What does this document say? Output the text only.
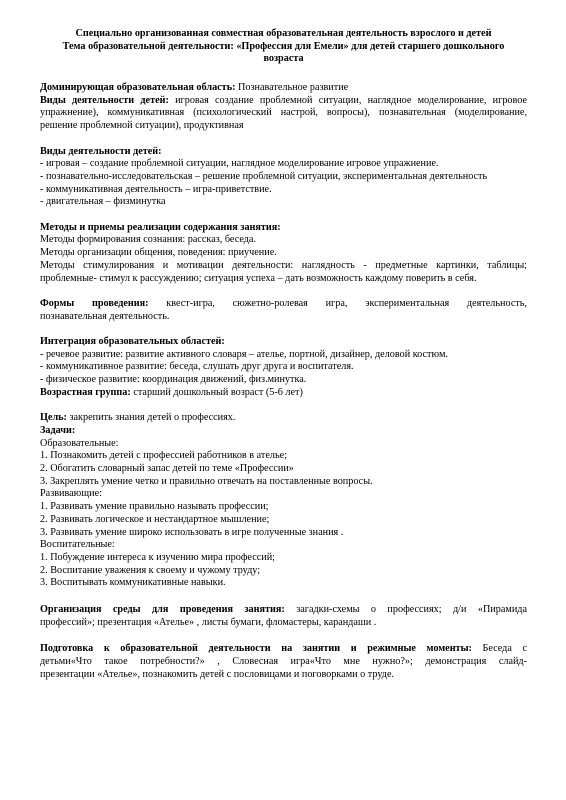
Специально организованная совместная образовательная деятельность взрослого и детей
Тема образовательной деятельности: «Профессия для Емели» для детей старшего дошкольного
возраста
Доминирующая образовательная область: Познавательное развитие
Виды деятельности детей: игровая создание проблемной ситуации, наглядное моделирование, игровое
упражнение), коммуникативная (психологический настрой, вопросы), познавательная (моделирование,
решение проблемной ситуации), продуктивная
Виды деятельности детей:
- игровая – создание проблемной ситуации, наглядное моделирование игровое упражнение.
- познавательно-исследовательская – решение проблемной ситуации, экспериментальная деятельность
- коммуникативная деятельность – игра-приветствие.
- двигательная – физминутка
Методы и приемы реализации содержания занятия:
Методы формирования сознания: рассказ, беседа.
Методы организации общения, поведения: приучение.
Методы стимулирования и мотивации деятельности: наглядность - предметные картинки, таблицы;
проблемные- стимул к рассуждению; ситуация успеха – дать возможность каждому поверить в себя.
Формы проведения: квест-игра, сюжетно-ролевая игра, экспериментальная деятельность,
познавательная деятельность.
Интеграция образовательных областей:
- речевое развитие: развитие активного словаря – ателье, портной, дизайнер, деловой костюм.
- коммуникативное развитие: беседа, слушать друг друга и воспитателя.
- физическое развитие: координация движений, физ.минутка.
Возрастная группа: старший дошкольный возраст (5-6 лет)
Цель: закрепить знания детей о профессиях.
Задачи:
Образовательные:
1. Познакомить детей с профессией работников в ателье;
2. Обогатить словарный запас детей по теме «Профессии»
3. Закреплять умение четко и правильно отвечать на поставленные вопросы.
Развивающие:
1. Развивать умение правильно называть профессии;
2. Развивать логическое и нестандартное мышление;
3. Развивать умение широко использовать в игре полученные знания .
Воспитательные:
1. Побуждение интереса к изучению мира профессий;
2. Воспитание уважения к своему и чужому труду;
3. Воспитывать коммуникативные навыки.
Организация среды для проведения занятия: загадки-схемы о профессиях; д/и «Пирамида
профессий»; презентация «Ателье» , листы бумаги, фломастеры, карандаши .
Подготовка к образовательной деятельности на занятии и режимные моменты: Беседа с
детьми«Что такое потребности?» , Словесная игра«Что мне нужно?»; демонстрация слайд-
презентации «Ателье», познакомить детей с пословицами и поговорками о труде.
